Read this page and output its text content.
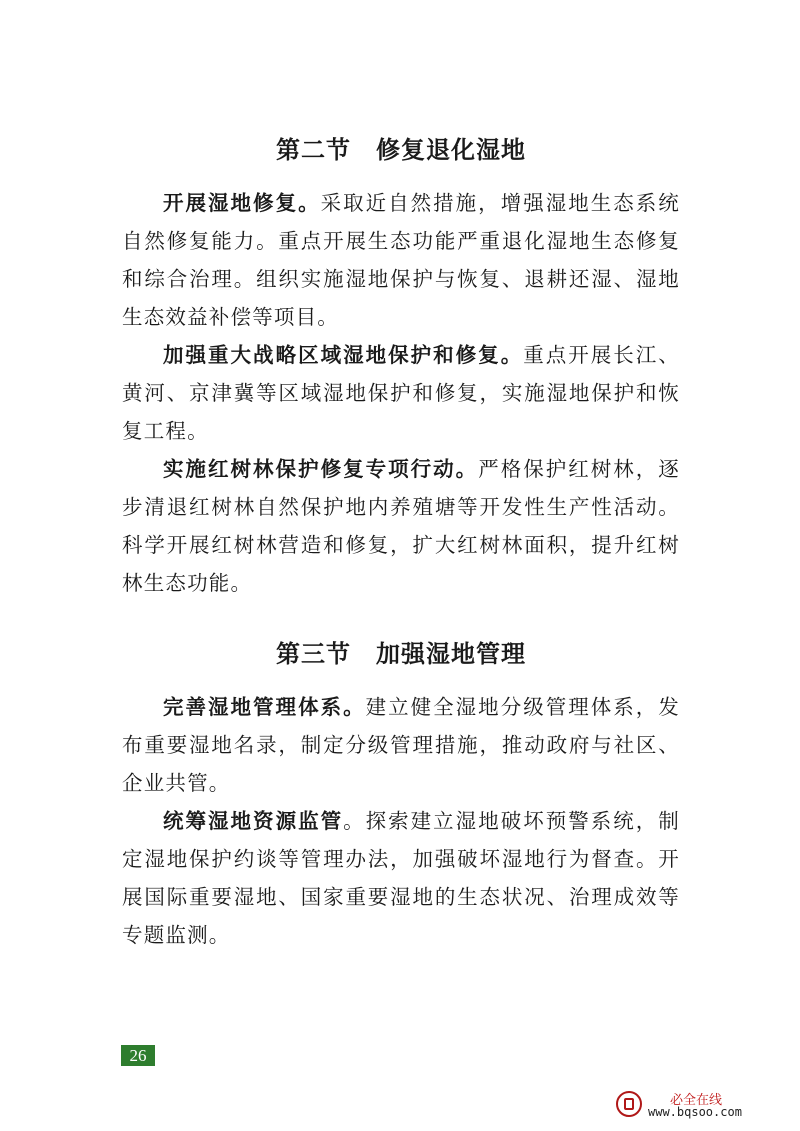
第二节　修复退化湿地

开展湿地修复。采取近自然措施，增强湿地生态系统自然修复能力。重点开展生态功能严重退化湿地生态修复和综合治理。组织实施湿地保护与恢复、退耕还湿、湿地生态效益补偿等项目。

加强重大战略区域湿地保护和修复。重点开展长江、黄河、京津冀等区域湿地保护和修复，实施湿地保护和恢复工程。

实施红树林保护修复专项行动。严格保护红树林，逐步清退红树林自然保护地内养殖塘等开发性生产性活动。科学开展红树林营造和修复，扩大红树林面积，提升红树林生态功能。

第三节　加强湿地管理

完善湿地管理体系。建立健全湿地分级管理体系，发布重要湿地名录，制定分级管理措施，推动政府与社区、企业共管。

统筹湿地资源监管。探索建立湿地破坏预警系统，制定湿地保护约谈等管理办法，加强破坏湿地行为督查。开展国际重要湿地、国家重要湿地的生态状况、治理成效等专题监测。

26
必全在线
www.bqsoo.com
